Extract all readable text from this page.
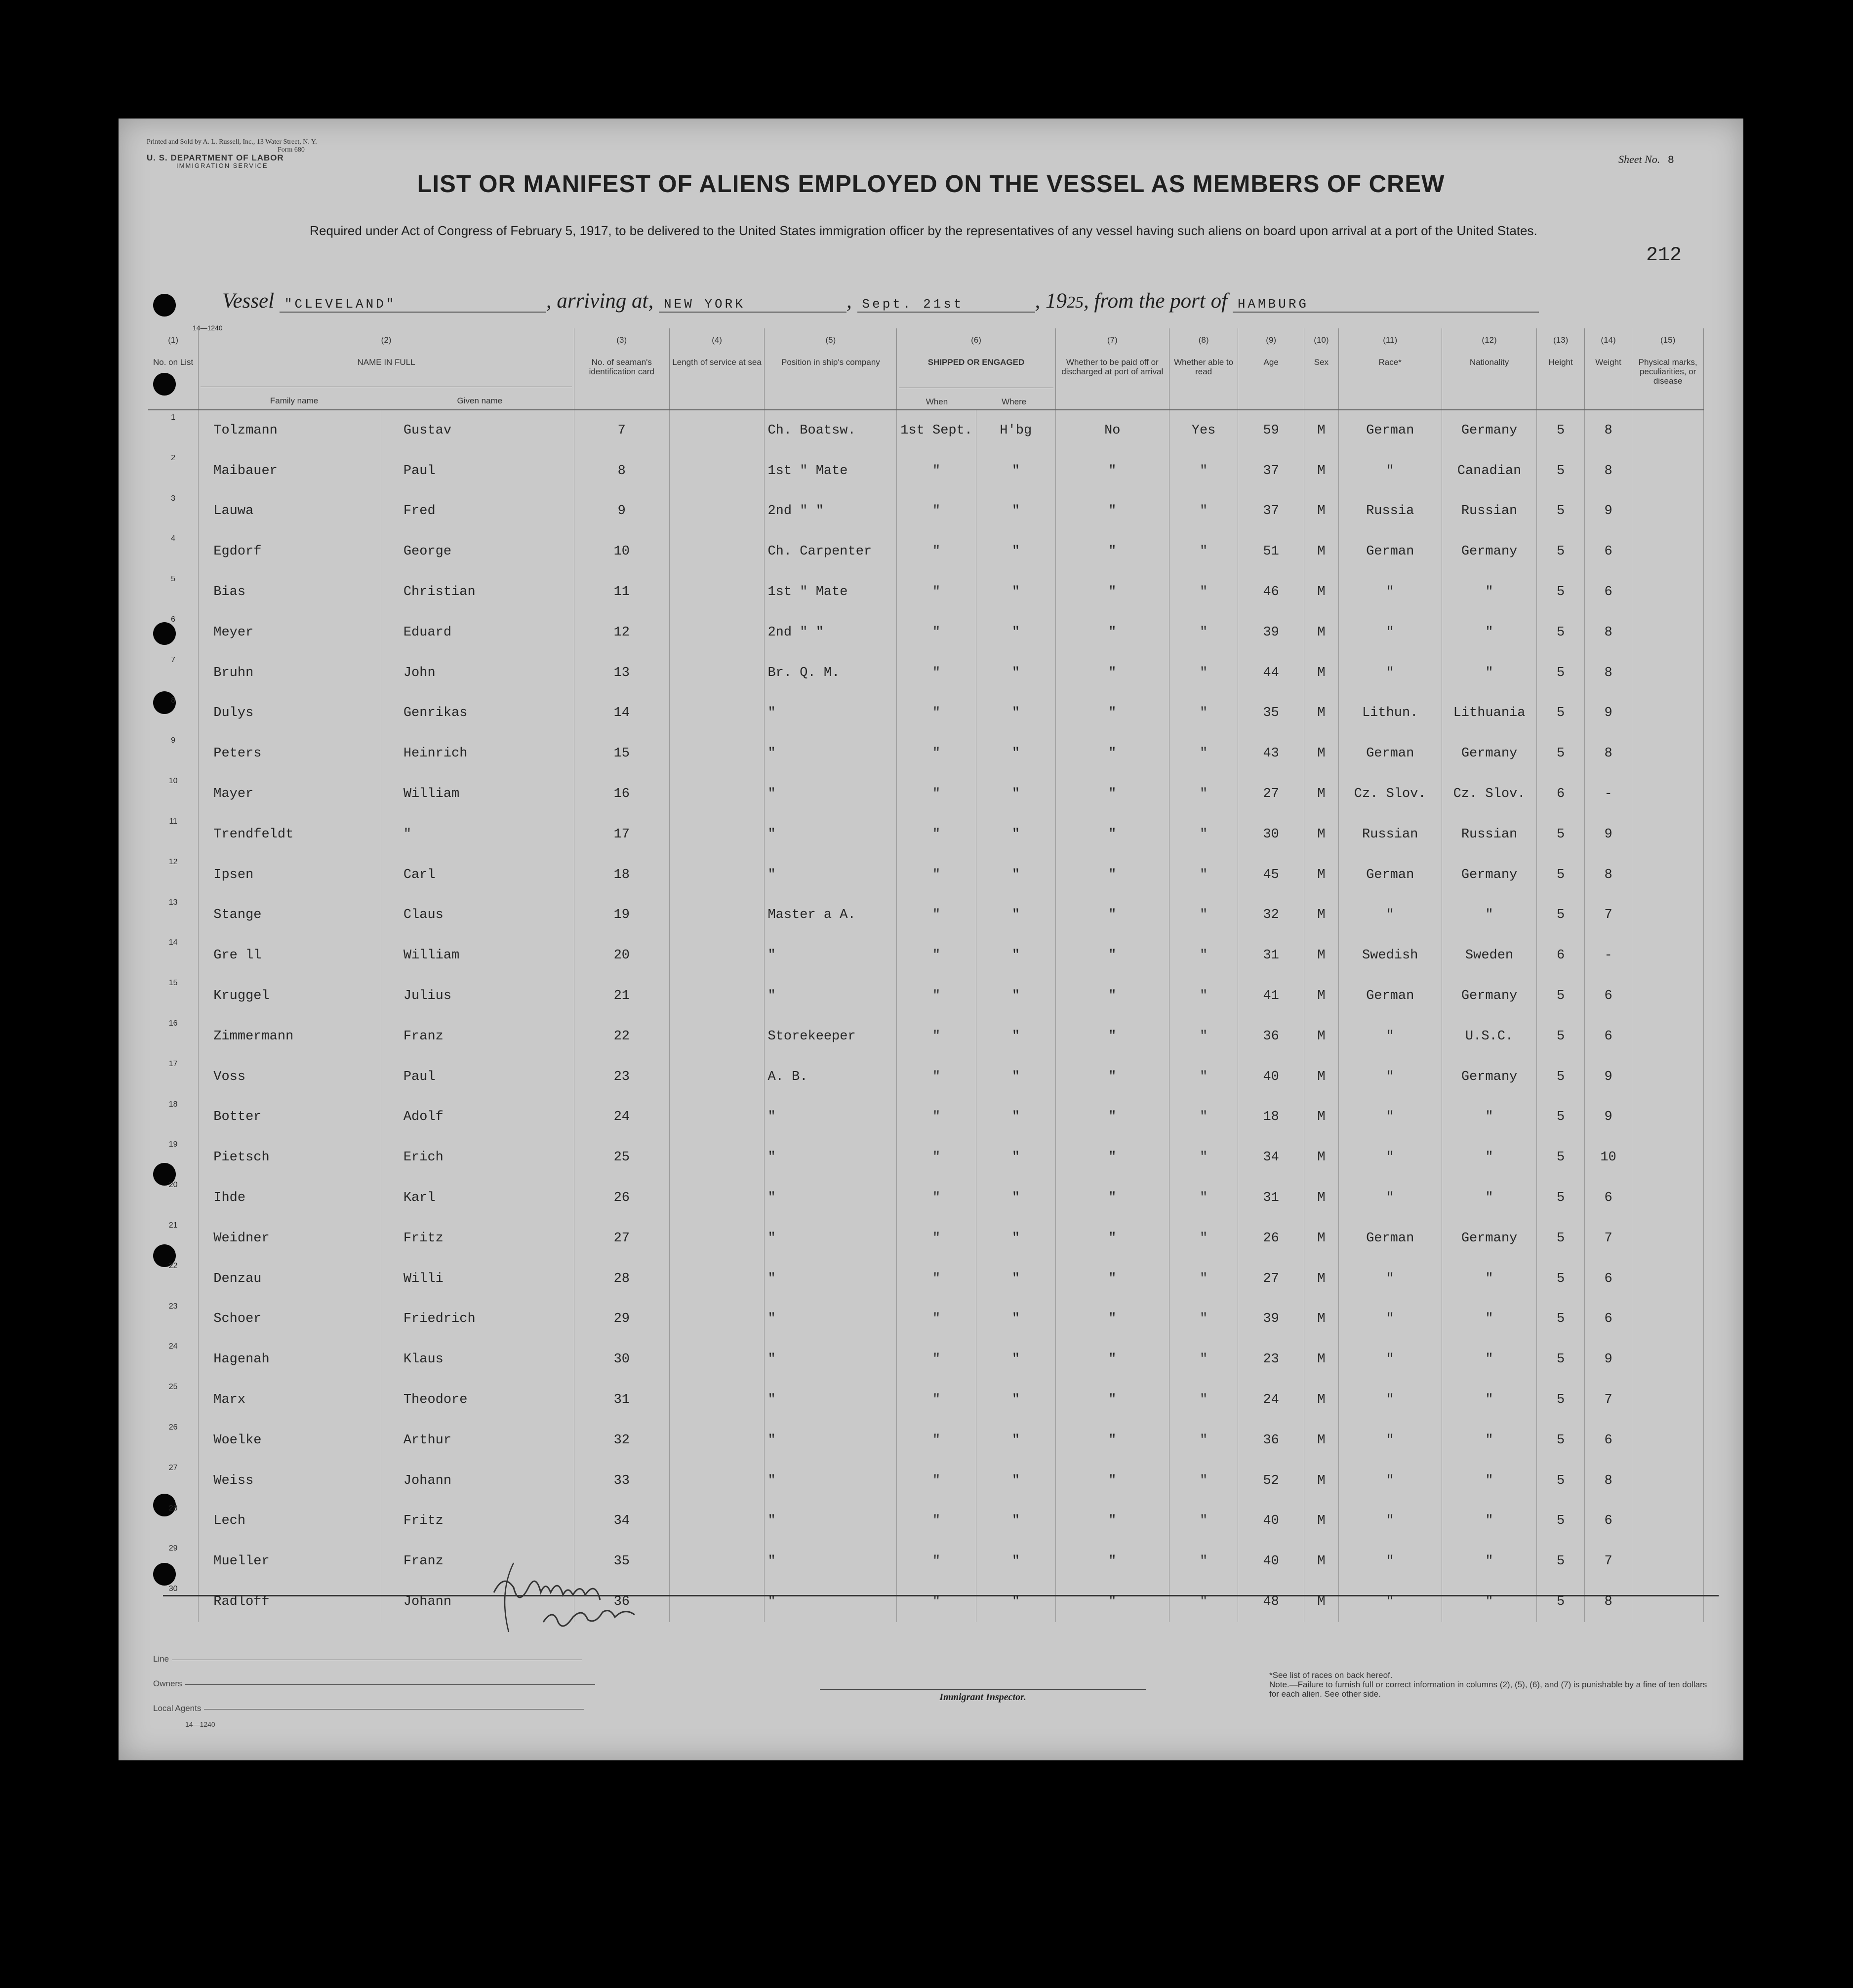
Printed and Sold by A. L. Russell, Inc., 13 Water Street, N. Y.
Form 680
U. S. DEPARTMENT OF LABOR
IMMIGRATION SERVICE
Sheet No. 8
LIST OR MANIFEST OF ALIENS EMPLOYED ON THE VESSEL AS MEMBERS OF CREW
Required under Act of Congress of February 5, 1917, to be delivered to the United States immigration officer by the representatives of any vessel having such aliens on board upon arrival at a port of the United States.
212
Vessel "CLEVELAND"	, arriving at, NEW YORK	, Sept. 21st	, 1925, from the port of HAMBURG
14—1240
(1)
No. on List	(2)
NAME IN FULL
Family name Given name		(3)
No. of seaman's identification card	(4)
Length of service at sea	(5)
Position in ship's company	(6)
SHIPPED OR ENGAGED
When Where		(7)
Whether to be paid off or discharged at port of arrival	(8)
Whether able to read	(9)
Age	(10)
Sex	(11)
Race*	(12)
Nationality	(13)
Height	(14)
Weight	(15)
Physical marks, peculiarities, or disease
1	Tolzmann	Gustav	7		Ch. Boatsw.	1st Sept.	H'bg	No	Yes	59	M	German	Germany	5	8	
2	Maibauer	Paul	8		1st " Mate	"	"	"	"	37	M	"	Canadian	5	8	
3	Lauwa	Fred	9		2nd " "	"	"	"	"	37	M	Russia	Russian	5	9	
4	Egdorf	George	10		Ch. Carpenter	"	"	"	"	51	M	German	Germany	5	6	
5	Bias	Christian	11		1st " Mate	"	"	"	"	46	M	"	"	5	6	
6	Meyer	Eduard	12		2nd " "	"	"	"	"	39	M	"	"	5	8	
7	Bruhn	John	13		Br. Q. M.	"	"	"	"	44	M	"	"	5	8	
8	Dulys	Genrikas	14		"	"	"	"	"	35	M	Lithun.	Lithuania	5	9	
9	Peters	Heinrich	15		"	"	"	"	"	43	M	German	Germany	5	8	
10	Mayer	William	16		"	"	"	"	"	27	M	Cz. Slov.	Cz. Slov.	6	-	
11	Trendfeldt	"	17		"	"	"	"	"	30	M	Russian	Russian	5	9	
12	Ipsen	Carl	18		"	"	"	"	"	45	M	German	Germany	5	8	
13	Stange	Claus	19		Master a A.	"	"	"	"	32	M	"	"	5	7	
14	Gre ll	William	20		"	"	"	"	"	31	M	Swedish	Sweden	6	-	
15	Kruggel	Julius	21		"	"	"	"	"	41	M	German	Germany	5	6	
16	Zimmermann	Franz	22		Storekeeper	"	"	"	"	36	M	"	U.S.C.	5	6	
17	Voss	Paul	23		A. B.	"	"	"	"	40	M	"	Germany	5	9	
18	Botter	Adolf	24		"	"	"	"	"	18	M	"	"	5	9	
19	Pietsch	Erich	25		"	"	"	"	"	34	M	"	"	5	10	
20	Ihde	Karl	26		"	"	"	"	"	31	M	"	"	5	6	
21	Weidner	Fritz	27		"	"	"	"	"	26	M	German	Germany	5	7	
22	Denzau	Willi	28		"	"	"	"	"	27	M	"	"	5	6	
23	Schoer	Friedrich	29		"	"	"	"	"	39	M	"	"	5	6	
24	Hagenah	Klaus	30		"	"	"	"	"	23	M	"	"	5	9	
25	Marx	Theodore	31		"	"	"	"	"	24	M	"	"	5	7	
26	Woelke	Arthur	32		"	"	"	"	"	36	M	"	"	5	6	
27	Weiss	Johann	33		"	"	"	"	"	52	M	"	"	5	8	
28	Lech	Fritz	34		"	"	"	"	"	40	M	"	"	5	6	
29	Mueller	Franz	35		"	"	"	"	"	40	M	"	"	5	7	
30	Radloff	Johann	36		"	"	"	"	"	48	M	"	"	5	8	
Line
Owners
Local Agents
14—1240
Immigrant Inspector.
*See list of races on back hereof.
Note.—Failure to furnish full or correct information in columns (2), (5), (6), and (7) is punishable by a fine of ten dollars for each alien. See other side.
